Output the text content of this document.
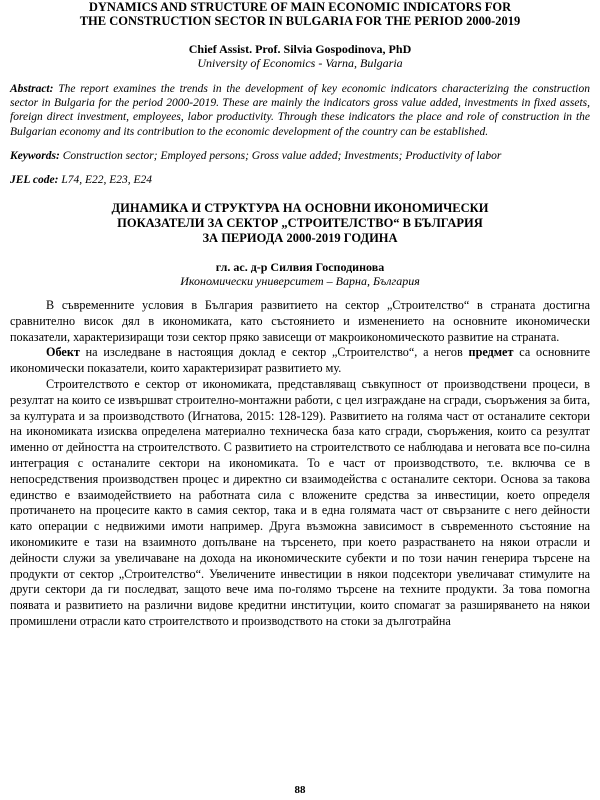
DYNAMICS AND STRUCTURE OF MAIN ECONOMIC INDICATORS FOR
THE CONSTRUCTION SECTOR IN BULGARIA FOR THE PERIOD 2000-2019
Chief Assist. Prof. Silvia Gospodinova, PhD
University of Economics - Varna, Bulgaria
Abstract: The report examines the trends in the development of key economic indicators characterizing the construction sector in Bulgaria for the period 2000-2019. These are mainly the indicators gross value added, investments in fixed assets, foreign direct investment, employees, labor productivity. Through these indicators the place and role of construction in the Bulgarian economy and its contribution to the economic development of the country can be established.
Keywords: Construction sector; Employed persons; Gross value added; Investments; Productivity of labor
JEL code: L74, E22, E23, E24
ДИНАМИКА И СТРУКТУРА НА ОСНОВНИ ИКОНОМИЧЕСКИ
ПОКАЗАТЕЛИ ЗА СЕКТОР „СТРОИТЕЛСТВО“ В БЪЛГАРИЯ
ЗА ПЕРИОДА 2000-2019 ГОДИНА
гл. ас. д-р Силвия Господинова
Икономически университет – Варна, България

В съвременните условия в България развитието на сектор „Строителство“ в страната достигна сравнително висок дял в икономиката, като състоянието и изменението на основните икономически показатели, характеризиращи този сектор пряко зависещи от макроикономическото развитие на страната.

Обект на изследване в настоящия доклад е сектор „Строителство“, а негов предмет са основните икономически показатели, които характеризират развитието му.

Строителството е сектор от икономиката, представляващ съвкупност от производствени процеси, в резултат на които се извършват строително-монтажни работи, с цел изграждане на сгради, съоръжения за бита, за културата и за производството (Игнатова, 2015: 128-129). Развитието на голяма част от останалите сектори на икономиката изисква определена материално техническа база като сгради, съоръжения, които са резултат именно от дейността на строителството. С развитието на строителството се наблюдава и неговата все по-силна интеграция с останалите сектори на икономиката. То е част от производството, т.е. включва се в непосредствения производствен процес и директно си взаимодейства с останалите сектори. Основа за такова единство е взаимодействието на работната сила с вложените средства за инвестиции, което определя протичането на процесите както в самия сектор, така и в една голямата част от свързаните с него дейности като операции с недвижими имоти например. Друга възможна зависимост в съвременното състояние на икономиките е тази на взаимното допълване на търсенето, при което разрастването на някои отрасли и дейности служи за увеличаване на дохода на икономическите субекти и по този начин генерира търсене на продукти от сектор „Строителство“. Увеличените инвестиции в някои подсектори увеличават стимулите на други сектори да ги последват, защото вече има по-голямо търсене на техните продукти. За това помогна появата и развитието на различни видове кредитни институции, които спомагат за разширяването на някои промишлени отрасли като строителството и производството на стоки за дълготрайна

88
